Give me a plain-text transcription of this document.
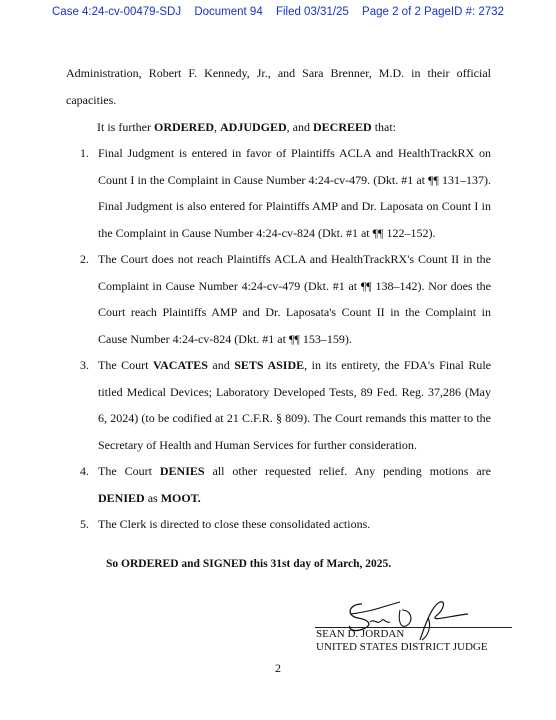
Case 4:24-cv-00479-SDJ Document 94 Filed 03/31/25 Page 2 of 2 PageID #: 2732
Administration, Robert F. Kennedy, Jr., and Sara Brenner, M.D. in their official capacities.
It is further ORDERED, ADJUDGED, and DECREED that:
1. Final Judgment is entered in favor of Plaintiffs ACLA and HealthTrackRX on Count I in the Complaint in Cause Number 4:24-cv-479. (Dkt. #1 at ¶¶ 131–137). Final Judgment is also entered for Plaintiffs AMP and Dr. Laposata on Count I in the Complaint in Cause Number 4:24-cv-824 (Dkt. #1 at ¶¶ 122–152).
2. The Court does not reach Plaintiffs ACLA and HealthTrackRX's Count II in the Complaint in Cause Number 4:24-cv-479 (Dkt. #1 at ¶¶ 138–142). Nor does the Court reach Plaintiffs AMP and Dr. Laposata's Count II in the Complaint in Cause Number 4:24-cv-824 (Dkt. #1 at ¶¶ 153–159).
3. The Court VACATES and SETS ASIDE, in its entirety, the FDA's Final Rule titled Medical Devices; Laboratory Developed Tests, 89 Fed. Reg. 37,286 (May 6, 2024) (to be codified at 21 C.F.R. § 809). The Court remands this matter to the Secretary of Health and Human Services for further consideration.
4. The Court DENIES all other requested relief. Any pending motions are DENIED as MOOT.
5. The Clerk is directed to close these consolidated actions.
So ORDERED and SIGNED this 31st day of March, 2025.
SEAN D. JORDAN
UNITED STATES DISTRICT JUDGE
2
